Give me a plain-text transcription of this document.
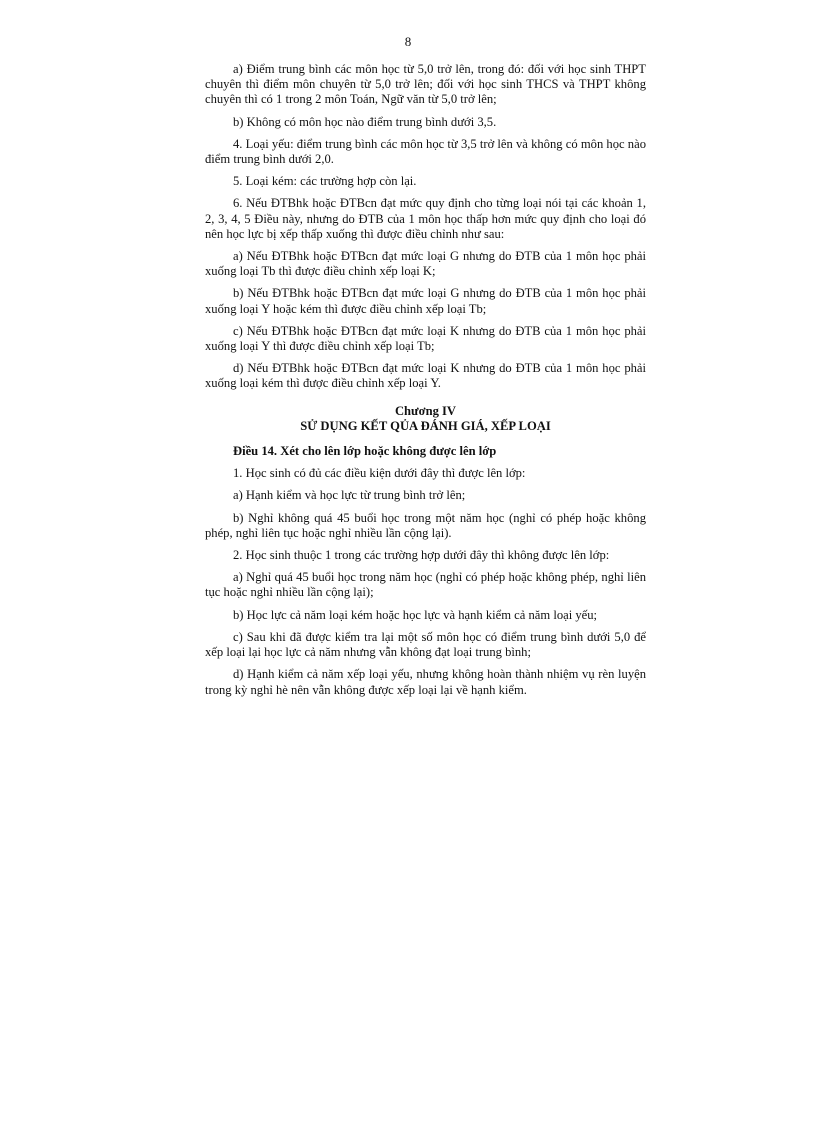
8

a) Điểm trung bình các môn học từ 5,0 trở lên, trong đó: đối với học sinh THPT chuyên thì điểm môn chuyên từ 5,0 trở lên; đối với học sinh THCS và THPT không chuyên thì có 1 trong 2 môn Toán, Ngữ văn từ 5,0 trở lên;

b) Không có môn học nào điểm trung bình dưới 3,5.

4. Loại yếu: điểm trung bình các môn học từ 3,5 trở lên và không có môn học nào điểm trung bình dưới 2,0.

5. Loại kém: các trường hợp còn lại.

6. Nếu ĐTBhk hoặc ĐTBcn đạt mức quy định cho từng loại nói tại các khoản 1, 2, 3, 4, 5 Điều này, nhưng do ĐTB của 1 môn học thấp hơn mức quy định cho loại đó nên học lực bị xếp thấp xuống thì được điều chỉnh như sau:

a) Nếu ĐTBhk hoặc ĐTBcn đạt mức loại G nhưng do ĐTB của 1 môn học phải xuống loại Tb thì được điều chỉnh xếp loại K;

b) Nếu ĐTBhk hoặc ĐTBcn đạt mức loại G nhưng do ĐTB của 1 môn học phải xuống loại Y hoặc kém thì được điều chỉnh xếp loại Tb;

c) Nếu ĐTBhk hoặc ĐTBcn đạt mức loại K nhưng do ĐTB của 1 môn học phải xuống loại Y thì được điều chỉnh xếp loại Tb;

d) Nếu ĐTBhk hoặc ĐTBcn đạt mức loại K nhưng do ĐTB của 1 môn học phải xuống loại kém thì được điều chỉnh xếp loại Y.

Chương IV

SỬ DỤNG KẾT QỦA ĐÁNH GIÁ, XẾP LOẠI

Điều 14. Xét cho lên lớp hoặc không được lên lớp

1. Học sinh có đủ các điều kiện dưới đây thì được lên lớp:

a) Hạnh kiểm và học lực từ trung bình trở lên;

b) Nghỉ không quá 45 buổi học trong một năm học (nghỉ có phép hoặc không phép, nghỉ liên tục hoặc nghỉ nhiều lần cộng lại).

2. Học sinh thuộc 1 trong các trường hợp dưới đây thì không được lên lớp:

a) Nghỉ quá 45 buổi học trong năm học (nghỉ có phép hoặc không phép, nghỉ liên tục hoặc nghỉ nhiều lần cộng lại);

b) Học lực cả năm loại kém hoặc học lực và hạnh kiểm cả năm loại yếu;

c) Sau khi đã được kiểm tra lại một số môn học có điểm trung bình dưới 5,0 để xếp loại lại học lực cả năm nhưng vẫn không đạt loại trung bình;

d) Hạnh kiểm cả năm xếp loại yếu, nhưng không hoàn thành nhiệm vụ rèn luyện trong kỳ nghỉ hè nên vẫn không được xếp loại lại về hạnh kiểm.
